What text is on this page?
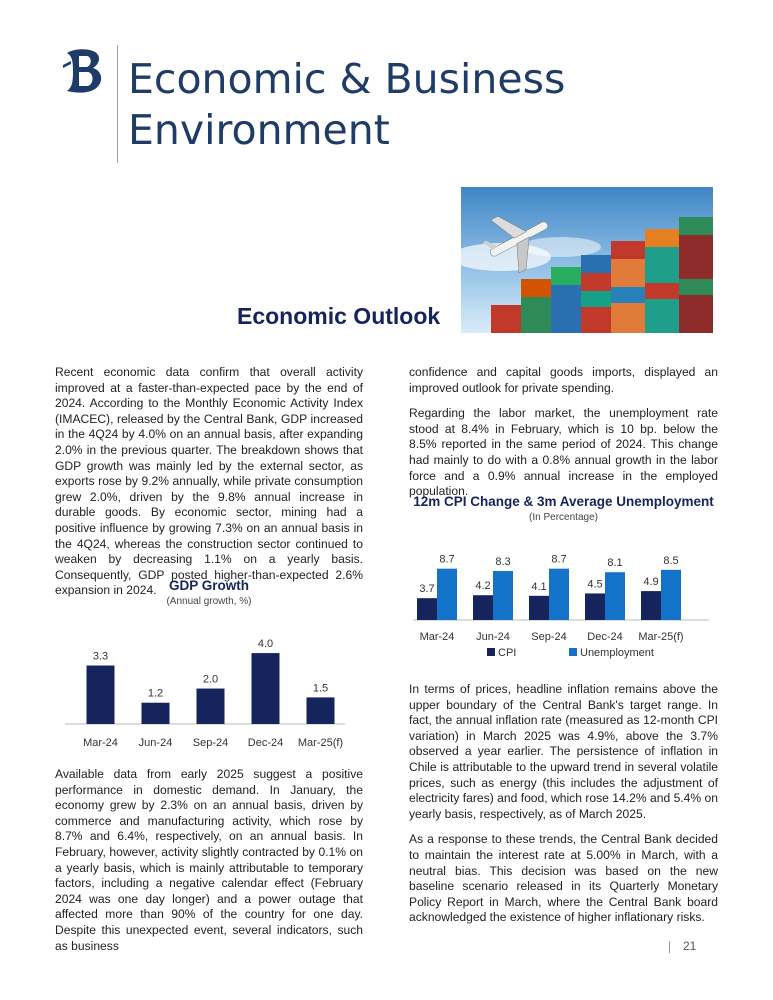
Economic & Business
Environment
Economic Outlook
Recent economic data confirm that overall activity improved at a faster-than-expected pace by the end of 2024. According to the Monthly Economic Activity Index (IMACEC), released by the Central Bank, GDP increased in the 4Q24 by 4.0% on an annual basis, after expanding 2.0% in the previous quarter. The breakdown shows that GDP growth was mainly led by the external sector, as exports rose by 9.2% annually, while private consumption grew 2.0%, driven by the 9.8% annual increase in durable goods. By economic sector, mining had a positive influence by growing 7.3% on an annual basis in the 4Q24, whereas the construction sector continued to weaken by decreasing 1.1% on a yearly basis. Consequently, GDP posted higher-than-expected 2.6% expansion in 2024. GDP Growth
(Annual growth, %)
3.3
Mar-24
1.2
Jun-24
2.0
Sep-24
4.0
Dec-24
1.5
Mar-25(f)
Available data from early 2025 suggest a positive performance in domestic demand. In January, the economy grew by 2.3% on an annual basis, driven by commerce and manufacturing activity, which rose by 8.7% and 6.4%, respectively, on an annual basis. In February, however, activity slightly contracted by 0.1% on a yearly basis, which is mainly attributable to temporary factors, including a negative calendar effect (February 2024 was one day longer) and a power outage that affected more than 90% of the country for one day. Despite this unexpected event, several indicators, such as business

confidence and capital goods imports, displayed an improved outlook for private spending.

Regarding the labor market, the unemployment rate stood at 8.4% in February, which is 10 bp. below the 8.5% reported in the same period of 2024. This change had mainly to do with a 0.8% annual growth in the labor force and a 0.9% annual increase in the employed population.

12m CPI Change & 3m Average Unemployment
(In Percentage)
3.7
8.7
Mar-24
4.2
8.3
Jun-24
4.1
8.7
Sep-24
4.5
8.1
Dec-24
4.9
8.5
Mar-25(f)
CPI	Unemployment

In terms of prices, headline inflation remains above the upper boundary of the Central Bank's target range. In fact, the annual inflation rate (measured as 12-month CPI variation) in March 2025 was 4.9%, above the 3.7% observed a year earlier. The persistence of inflation in Chile is attributable to the upward trend in several volatile prices, such as energy (this includes the adjustment of electricity fares) and food, which rose 14.2% and 5.4% on yearly basis, respectively, as of March 2025.

As a response to these trends, the Central Bank decided to maintain the interest rate at 5.00% in March, with a neutral bias. This decision was based on the new baseline scenario released in its Quarterly Monetary Policy Report in March, where the Central Bank board acknowledged the existence of higher inflationary risks.

21
